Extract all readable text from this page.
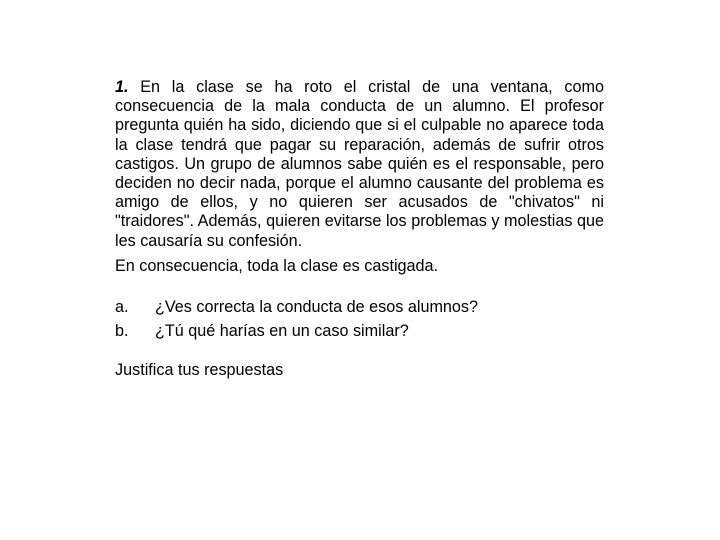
1. En la clase se ha roto el cristal de una ventana, como consecuencia de la mala conducta de un alumno. El profesor pregunta quién ha sido, diciendo que si el culpable no aparece toda la clase tendrá que pagar su reparación, además de sufrir otros castigos. Un grupo de alumnos sabe quién es el responsable, pero deciden no decir nada, porque el alumno causante del problema es amigo de ellos, y no quieren ser acusados de "chivatos" ni "traidores". Además, quieren evitarse los problemas y molestias que les causaría su confesión.

En consecuencia, toda la clase es castigada.

a.	¿Ves correcta la conducta de esos alumnos?
b.	¿Tú qué harías en un caso similar?

Justifica tus respuestas
